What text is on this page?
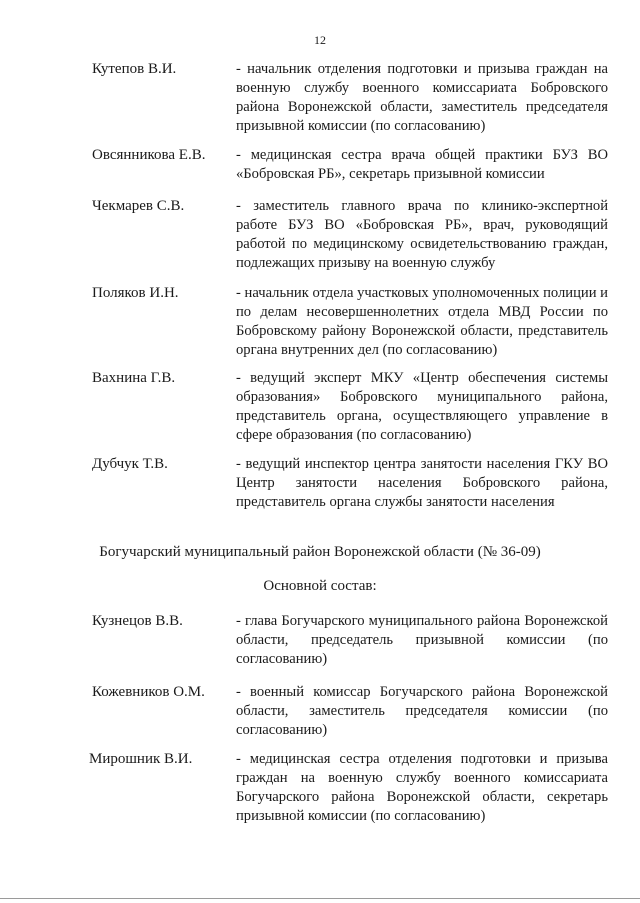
12
Кутепов В.И.	- начальник отделения подготовки и призыва граждан на военную службу военного комиссариата Бобровского района Воронежской области, заместитель председателя призывной комиссии (по согласованию)
Овсянникова Е.В. - медицинская сестра врача общей практики БУЗ ВО «Бобровская РБ», секретарь призывной комиссии
Чекмарев С.В.	- заместитель главного врача по клинико-экспертной работе БУЗ ВО «Бобровская РБ», врач, руководящий работой по медицинскому освидетельствованию граждан, подлежащих призыву на военную службу
Поляков И.Н.	- начальник отдела участковых уполномоченных полиции и по делам несовершеннолетних отдела МВД России по Бобровскому району Воронежской области, представитель органа внутренних дел (по согласованию)
Вахнина Г.В.	- ведущий эксперт МКУ «Центр обеспечения системы образования» Бобровского муниципального района, представитель органа, осуществляющего управление в сфере образования (по согласованию)
Дубчук Т.В.	- ведущий инспектор центра занятости населения ГКУ ВО Центр занятости населения Бобровского района, представитель органа службы занятости населения
Богучарский муниципальный район Воронежской области (№ 36-09)
Основной состав:
Кузнецов В.В.	- глава Богучарского муниципального района Воронежской области, председатель призывной комиссии (по согласованию)
Кожевников О.М. - военный комиссар Богучарского района Воронежской области, заместитель председателя комиссии (по согласованию)
Мирошник В.И.	- медицинская сестра отделения подготовки и призыва граждан на военную службу военного комиссариата Богучарского района Воронежской области, секретарь призывной комиссии (по согласованию)
